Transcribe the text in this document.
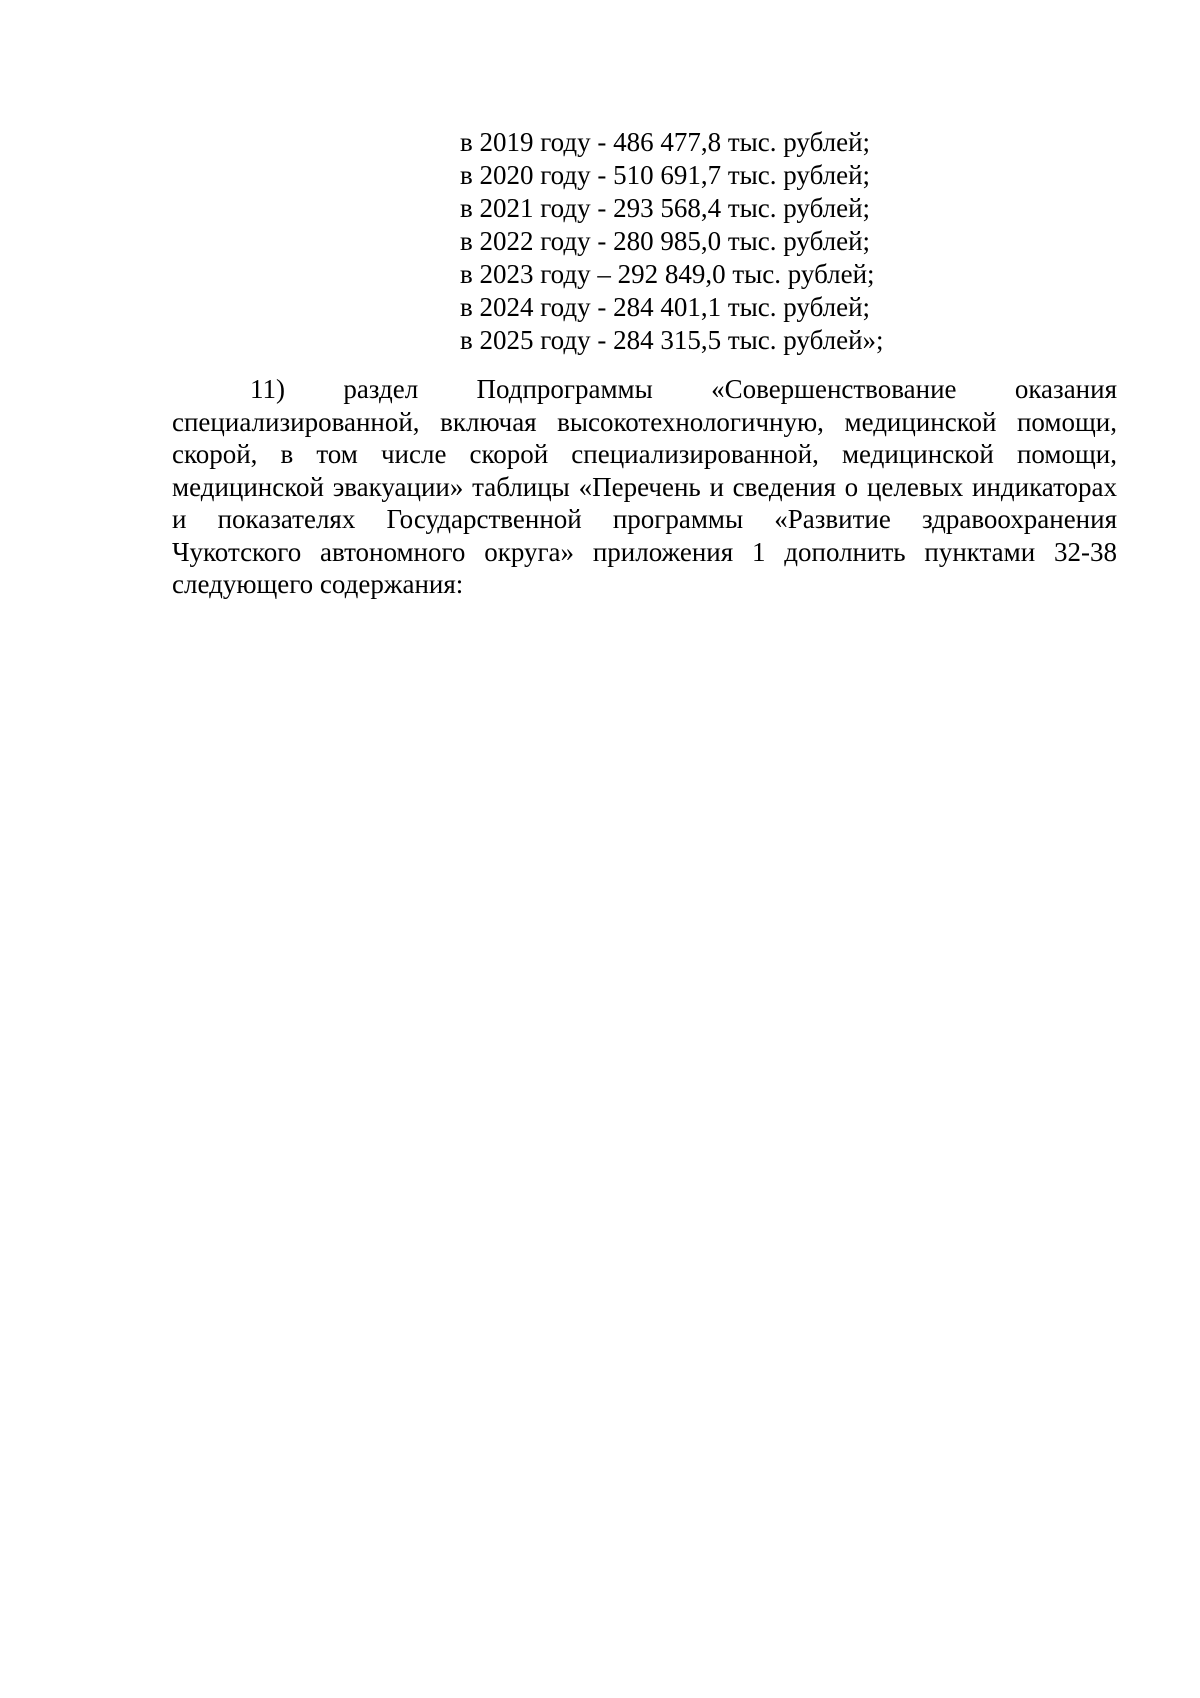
в 2019 году - 486 477,8 тыс. рублей;
в 2020 году - 510 691,7 тыс. рублей;
в 2021 году - 293 568,4 тыс. рублей;
в 2022 году - 280 985,0 тыс. рублей;
в 2023 году – 292 849,0 тыс. рублей;
в 2024 году - 284 401,1 тыс. рублей;
в 2025 году - 284 315,5 тыс. рублей»;

11) раздел Подпрограммы «Совершенствование оказания специализированной, включая высокотехнологичную, медицинской помощи, скорой, в том числе скорой специализированной, медицинской помощи, медицинской эвакуации» таблицы «Перечень и сведения о целевых индикаторах и показателях Государственной программы «Развитие здравоохранения Чукотского автономного округа» приложения 1 дополнить пунктами 32-38 следующего содержания:
